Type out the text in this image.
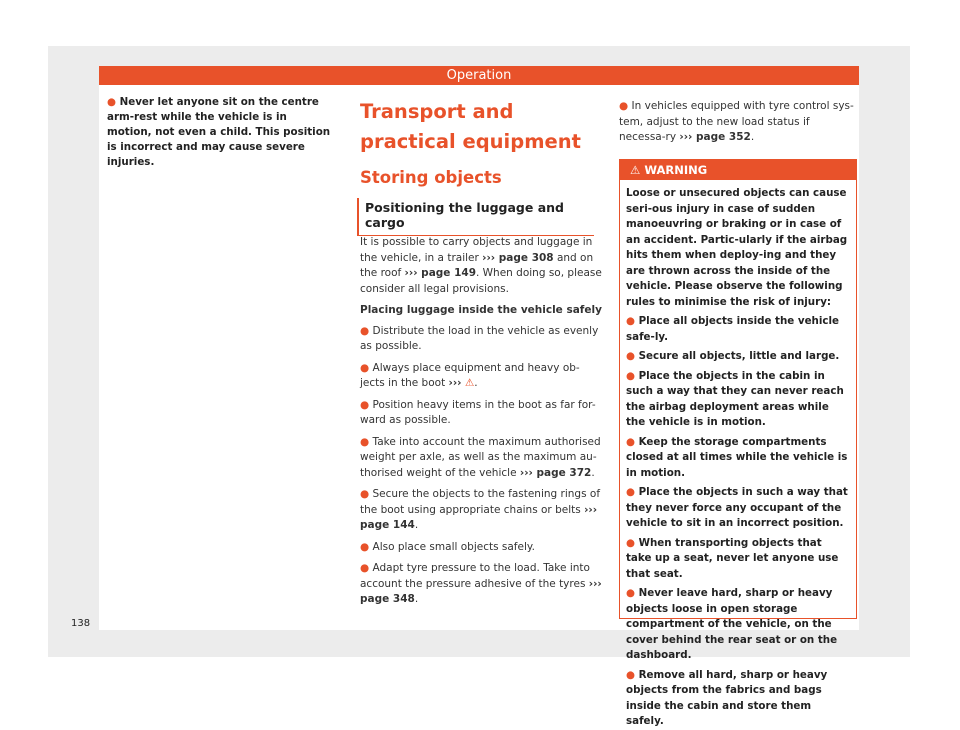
Operation
● Never let anyone sit on the centre arm-rest while the vehicle is in motion, not even a child. This position is incorrect and may cause severe injuries.
Transport and practical equipment
Storing objects
Positioning the luggage and cargo

It is possible to carry objects and luggage in the vehicle, in a trailer ››› page 308 and on the roof ››› page 149. When doing so, please consider all legal provisions.

Placing luggage inside the vehicle safely

● Distribute the load in the vehicle as evenly as possible.

● Always place equipment and heavy ob-jects in the boot ››› ⚠.

● Position heavy items in the boot as far for-ward as possible.

● Take into account the maximum authorised weight per axle, as well as the maximum au-thorised weight of the vehicle ››› page 372.

● Secure the objects to the fastening rings of the boot using appropriate chains or belts ››› page 144.

● Also place small objects safely.

● Adapt tyre pressure to the load. Take into account the pressure adhesive of the tyres ››› page 348.

● In vehicles equipped with tyre control sys-tem, adjust to the new load status if necessa-ry ››› page 352.
⚠ WARNING

Loose or unsecured objects can cause seri-ous injury in case of sudden manoeuvring or braking or in case of an accident. Partic-ularly if the airbag hits them when deploy-ing and they are thrown across the inside of the vehicle. Please observe the following rules to minimise the risk of injury:

● Place all objects inside the vehicle safe-ly.

● Secure all objects, little and large.

● Place the objects in the cabin in such a way that they can never reach the airbag deployment areas while the vehicle is in motion.

● Keep the storage compartments closed at all times while the vehicle is in motion.

● Place the objects in such a way that they never force any occupant of the vehicle to sit in an incorrect position.

● When transporting objects that take up a seat, never let anyone use that seat.

● Never leave hard, sharp or heavy objects loose in open storage compartment of the vehicle, on the cover behind the rear seat or on the dashboard.

● Remove all hard, sharp or heavy objects from the fabrics and bags inside the cabin and store them safely.

138
